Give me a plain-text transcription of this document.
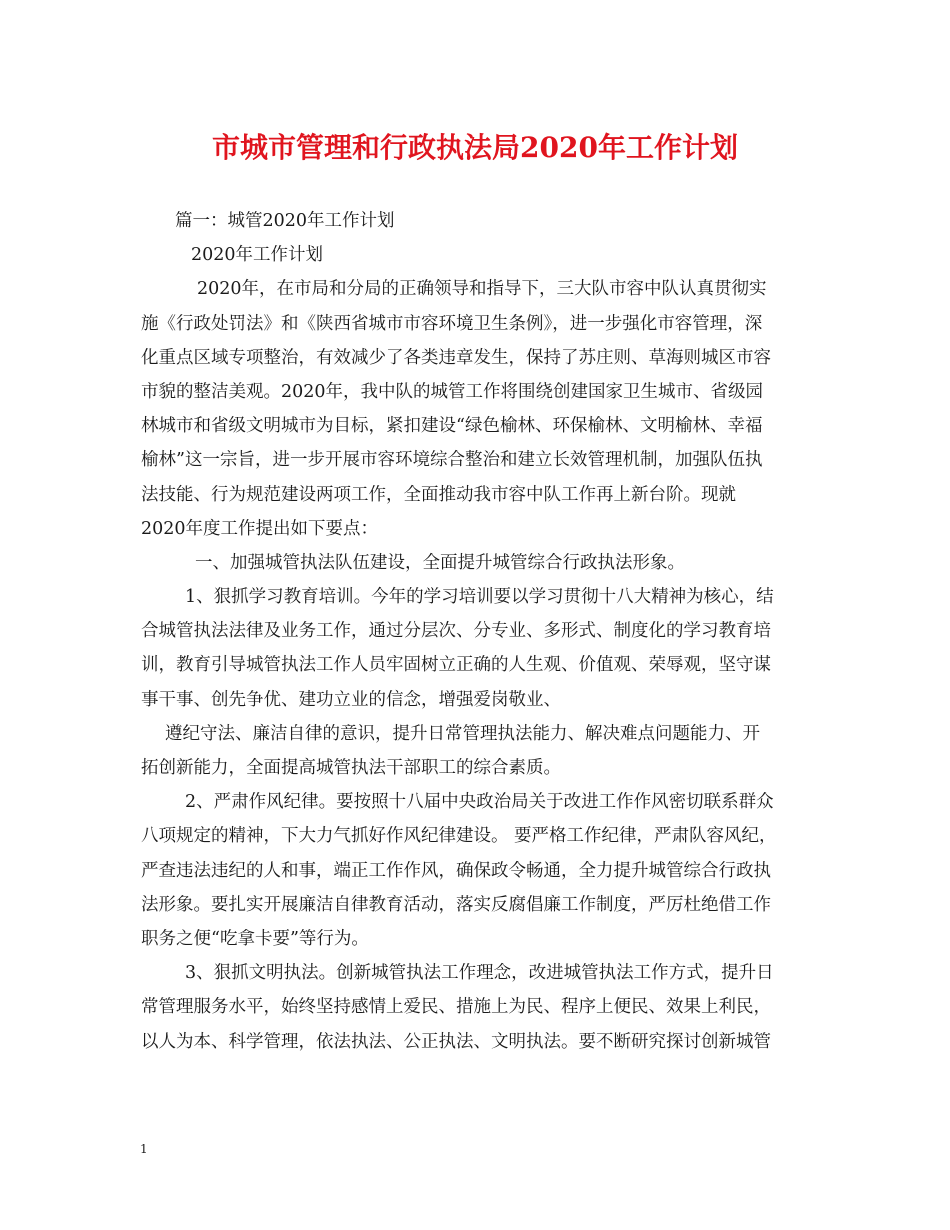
市城市管理和行政执法局2020年工作计划

篇一：城管2020年工作计划

2020年工作计划

2020年，在市局和分局的正确领导和指导下，三大队市容中队认真贯彻实

施《行政处罚法》和《陕西省城市市容环境卫生条例》，进一步强化市容管理，深

化重点区域专项整治，有效减少了各类违章发生，保持了苏庄则、草海则城区市容

市貌的整洁美观。2020年，我中队的城管工作将围绕创建国家卫生城市、省级园

林城市和省级文明城市为目标，紧扣建设“绿色榆林、环保榆林、文明榆林、幸福

榆林”这一宗旨，进一步开展市容环境综合整治和建立长效管理机制，加强队伍执

法技能、行为规范建设两项工作，全面推动我市容中队工作再上新台阶。现就

2020年度工作提出如下要点：

一、加强城管执法队伍建设，全面提升城管综合行政执法形象。

1、狠抓学习教育培训。今年的学习培训要以学习贯彻十八大精神为核心，结

合城管执法法律及业务工作，通过分层次、分专业、多形式、制度化的学习教育培

训，教育引导城管执法工作人员牢固树立正确的人生观、价值观、荣辱观，坚守谋

事干事、创先争优、建功立业的信念，增强爱岗敬业、

遵纪守法、廉洁自律的意识，提升日常管理执法能力、解决难点问题能力、开

拓创新能力，全面提高城管执法干部职工的综合素质。

2、严肃作风纪律。要按照十八届中央政治局关于改进工作作风密切联系群众

八项规定的精神，下大力气抓好作风纪律建设。 要严格工作纪律，严肃队容风纪，

严查违法违纪的人和事，端正工作作风，确保政令畅通，全力提升城管综合行政执

法形象。要扎实开展廉洁自律教育活动，落实反腐倡廉工作制度，严厉杜绝借工作

职务之便“吃拿卡要”等行为。

3、狠抓文明执法。创新城管执法工作理念，改进城管执法工作方式，提升日

常管理服务水平，始终坚持感情上爱民、措施上为民、程序上便民、效果上利民，

以人为本、科学管理，依法执法、公正执法、文明执法。要不断研究探讨创新城管

1
